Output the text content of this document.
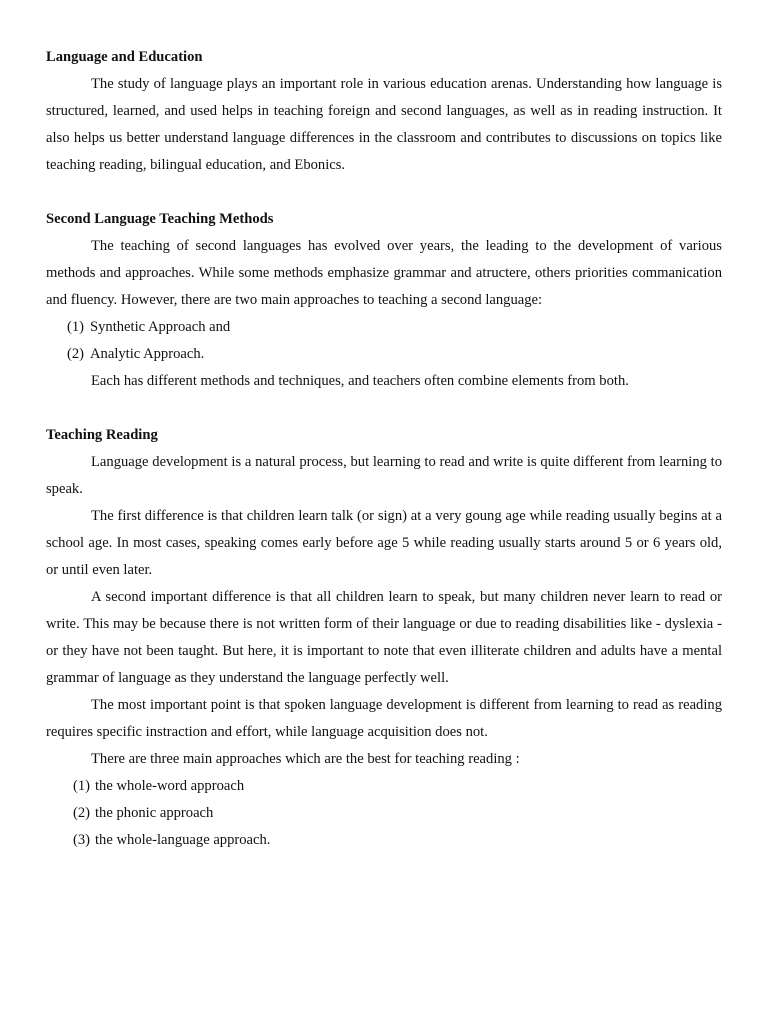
Language and Education

The study of language plays an important role in various education arenas. Understanding how language is structured, learned, and used helps in teaching foreign and second languages, as well as in reading instruction. It also helps us better understand language differences in the classroom and contributes to discussions on topics like teaching reading, bilingual education, and Ebonics.

Second Language Teaching Methods

The teaching of second languages has evolved over years, the leading to the development of various methods and approaches. While some methods emphasize grammar and atructere, others priorities commanication and fluency. However, there are two main approaches to teaching a second language:

(1) Synthetic Approach and
(2) Analytic Approach.

Each has different methods and techniques, and teachers often combine elements from both.

Teaching Reading

Language development is a natural process, but learning to read and write is quite different from learning to speak.

The first difference is that children learn talk (or sign) at a very goung age while reading usually begins at a school age. In most cases, speaking comes early before age 5 while reading usually starts around 5 or 6 years old, or until even later.

A second important difference is that all children learn to speak, but many children never learn to read or write. This may be because there is not written form of their language or due to reading disabilities like - dyslexia - or they have not been taught. But here, it is important to note that even illiterate children and adults have a mental grammar of language as they understand the language perfectly well.

The most important point is that spoken language development is different from learning to read as reading requires specific instraction and effort, while language acquisition does not.

There are three main approaches which are the best for teaching reading :

(1) the whole-word approach
(2) the phonic approach
(3) the whole-language approach.
